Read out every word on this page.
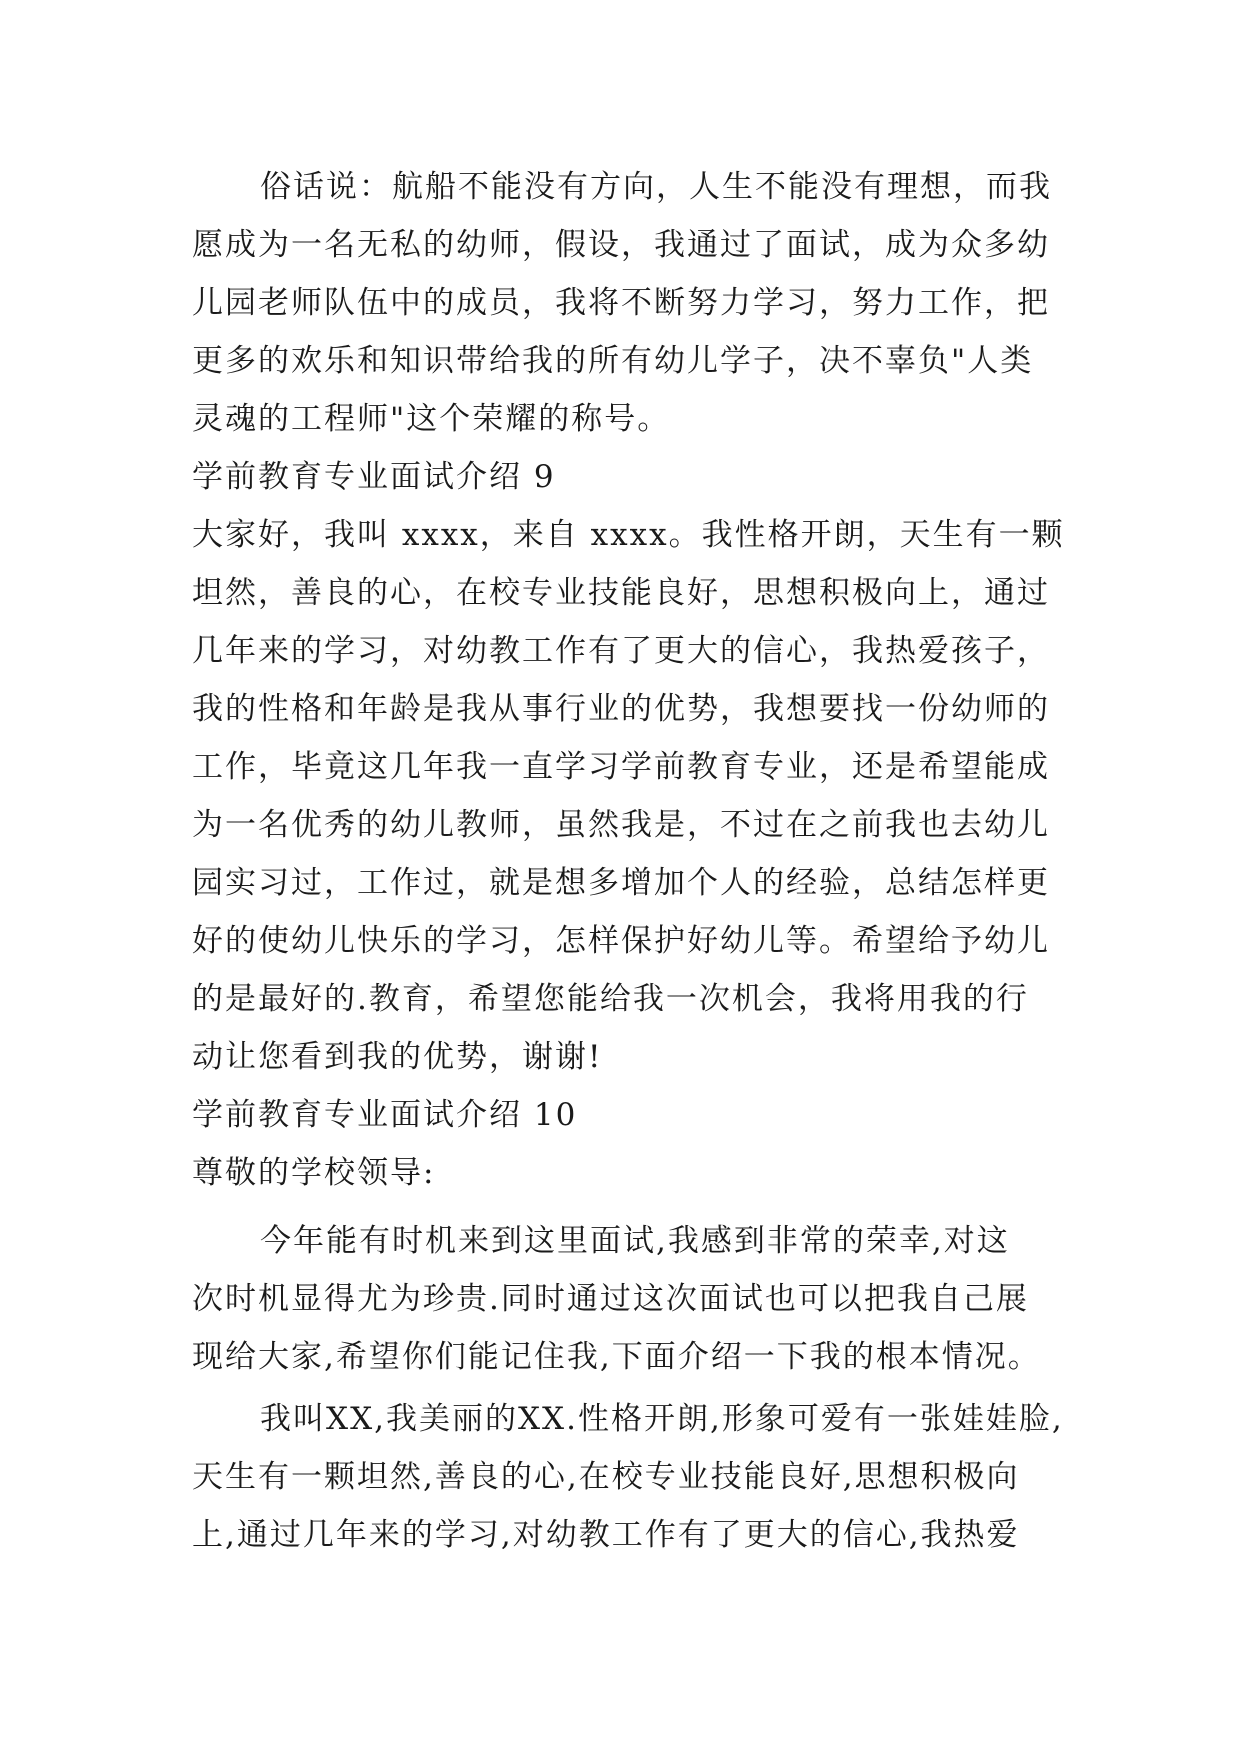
俗话说：航船不能没有方向，人生不能没有理想，而我
愿成为一名无私的幼师，假设，我通过了面试，成为众多幼
儿园老师队伍中的成员，我将不断努力学习，努力工作，把
更多的欢乐和知识带给我的所有幼儿学子，决不辜负"人类
灵魂的工程师"这个荣耀的称号。
学前教育专业面试介绍 9
大家好，我叫 xxxx，来自 xxxx。我性格开朗，天生有一颗
坦然，善良的心，在校专业技能良好，思想积极向上，通过
几年来的学习，对幼教工作有了更大的信心，我热爱孩子，
我的性格和年龄是我从事行业的优势，我想要找一份幼师的
工作，毕竟这几年我一直学习学前教育专业，还是希望能成
为一名优秀的幼儿教师，虽然我是，不过在之前我也去幼儿
园实习过，工作过，就是想多增加个人的经验，总结怎样更
好的使幼儿快乐的学习，怎样保护好幼儿等。希望给予幼儿
的是最好的.教育，希望您能给我一次机会，我将用我的行
动让您看到我的优势，谢谢!
学前教育专业面试介绍 10
尊敬的学校领导:
今年能有时机来到这里面试,我感到非常的荣幸,对这
次时机显得尤为珍贵.同时通过这次面试也可以把我自己展
现给大家,希望你们能记住我,下面介绍一下我的根本情况。
我叫XX,我美丽的XX.性格开朗,形象可爱有一张娃娃脸,
天生有一颗坦然,善良的心,在校专业技能良好,思想积极向
上,通过几年来的学习,对幼教工作有了更大的信心,我热爱
